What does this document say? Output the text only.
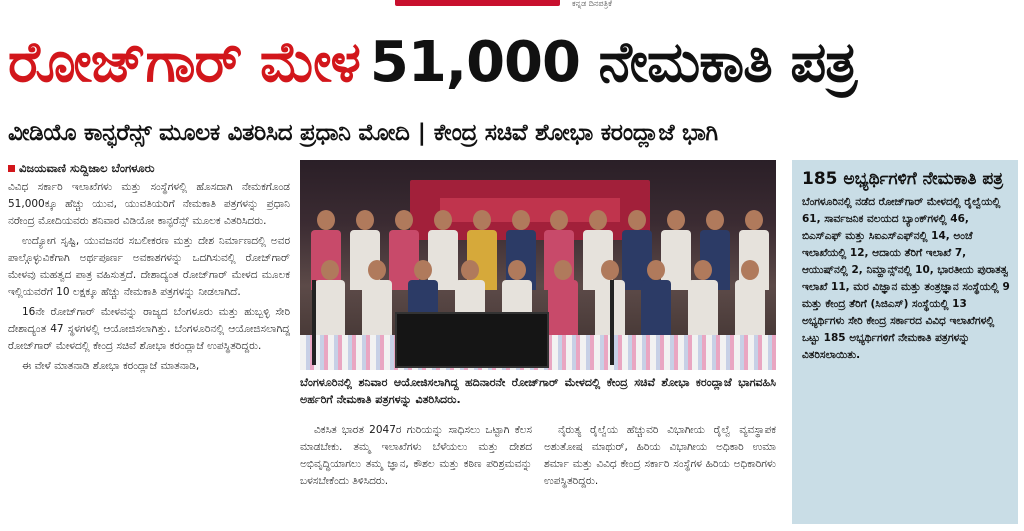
ಕನ್ನಡ ದಿನಪತ್ರಿಕೆ
ರೋಜ್‌ಗಾರ್ ಮೇಳ 51,000 ನೇಮಕಾತಿ ಪತ್ರ
ವೀಡಿಯೊ ಕಾನ್ಫರೆನ್ಸ್ ಮೂಲಕ ವಿತರಿಸಿದ ಪ್ರಧಾನಿ ಮೋದಿ | ಕೇಂದ್ರ ಸಚಿವೆ ಶೋಭಾ ಕರಂದ್ಲಾಜೆ ಭಾಗಿ
ವಿಜಯವಾಣಿ ಸುದ್ದಿಜಾಲ ಬೆಂಗಳೂರು

ವಿವಿಧ ಸರ್ಕಾರಿ ಇಲಾಖೆಗಳು ಮತ್ತು ಸಂಸ್ಥೆಗಳಲ್ಲಿ ಹೊಸದಾಗಿ ನೇಮಕಗೊಂಡ 51,000ಕ್ಕೂ ಹೆಚ್ಚು ಯುವ, ಯುವತಿಯರಿಗೆ ನೇಮಕಾತಿ ಪತ್ರಗಳನ್ನು ಪ್ರಧಾನಿ ನರೇಂದ್ರ ಮೋದಿಯವರು ಶನಿವಾರ ವಿಡಿಯೋ ಕಾನ್ಫರೆನ್ಸ್ ಮೂಲಕ ವಿತರಿಸಿದರು.

ಉದ್ಯೋಗ ಸೃಷ್ಟಿ, ಯುವಜನರ ಸಬಲೀಕರಣ ಮತ್ತು ದೇಶ ನಿರ್ಮಾಣದಲ್ಲಿ ಅವರ ಪಾಲ್ಗೊಳ್ಳುವಿಕೆಗಾಗಿ ಅರ್ಥಪೂರ್ಣ ಅವಕಾಶಗಳನ್ನು ಒದಗಿಸುವಲ್ಲಿ ರೋಜ್‌ಗಾರ್ ಮೇಳವು ಮಹತ್ವದ ಪಾತ್ರ ವಹಿಸುತ್ತದೆ. ದೇಶಾದ್ಯಂತ ರೋಜ್‌ಗಾರ್ ಮೇಳದ ಮೂಲಕ ಇಲ್ಲಿಯವರೆಗೆ 10 ಲಕ್ಷಕ್ಕೂ ಹೆಚ್ಚು ನೇಮಕಾತಿ ಪತ್ರಗಳನ್ನು ನೀಡಲಾಗಿದೆ.

16ನೇ ರೋಜ್‌ಗಾರ್ ಮೇಳವನ್ನು ರಾಜ್ಯದ ಬೆಂಗಳೂರು ಮತ್ತು ಹುಬ್ಬಳ್ಳಿ ಸೇರಿ ದೇಶಾದ್ಯಂತ 47 ಸ್ಥಳಗಳಲ್ಲಿ ಆಯೋಜಿಸಲಾಗಿತ್ತು. ಬೆಂಗಳೂರಿನಲ್ಲಿ ಆಯೋಜಿಸಲಾಗಿದ್ದ ರೋಜ್‌ಗಾರ್ ಮೇಳದಲ್ಲಿ ಕೇಂದ್ರ ಸಚಿವೆ ಶೋಭಾ ಕರಂದ್ಲಾಜೆ ಉಪಸ್ಥಿತರಿದ್ದರು.

ಈ ವೇಳೆ ಮಾತನಾಡಿ ಶೋಭಾ ಕರಂದ್ಲಾಜೆ ಮಾತನಾಡಿ,

ಬೆಂಗಳೂರಿನಲ್ಲಿ ಶನಿವಾರ ಆಯೋಜಿಸಲಾಗಿದ್ದ ಹದಿನಾರನೇ ರೋಜ್‌ಗಾರ್ ಮೇಳದಲ್ಲಿ ಕೇಂದ್ರ ಸಚಿವೆ ಶೋಭಾ ಕರಂದ್ಲಾಜೆ ಭಾಗವಹಿಸಿ ಅರ್ಹರಿಗೆ ನೇಮಕಾತಿ ಪತ್ರಗಳನ್ನು ವಿತರಿಸಿದರು.

ವಿಕಸಿತ ಭಾರತ 2047ರ ಗುರಿಯನ್ನು ಸಾಧಿಸಲು ಒಟ್ಟಾಗಿ ಕೆಲಸ ಮಾಡಬೇಕು. ತಮ್ಮ ಇಲಾಖೆಗಳು ಬೆಳೆಯಲು ಮತ್ತು ದೇಶದ ಅಭಿವೃದ್ಧಿಯಾಗಲು ತಮ್ಮ ಜ್ಞಾನ, ಕೌಶಲ ಮತ್ತು ಕಠಿಣ ಪರಿಶ್ರಮವನ್ನು ಬಳಸಬೇಕೆಂದು ತಿಳಿಸಿದರು.

ನೈರುತ್ಯ ರೈಲ್ವೆಯ ಹೆಚ್ಚುವರಿ ವಿಭಾಗೀಯ ರೈಲ್ವೆ ವ್ಯವಸ್ಥಾಪಕ ಅಶುತೋಷ ಮಾಥುರ್, ಹಿರಿಯ ವಿಭಾಗೀಯ ಅಧಿಕಾರಿ ಉಮಾ ಶರ್ಮಾ ಮತ್ತು ವಿವಿಧ ಕೇಂದ್ರ ಸರ್ಕಾರಿ ಸಂಸ್ಥೆಗಳ ಹಿರಿಯ ಅಧಿಕಾರಿಗಳು ಉಪಸ್ಥಿತರಿದ್ದರು.

185 ಅಭ್ಯರ್ಥಿಗಳಿಗೆ ನೇಮಕಾತಿ ಪತ್ರ
ಬೆಂಗಳೂರಿನಲ್ಲಿ ನಡೆದ ರೋಜ್‌ಗಾರ್ ಮೇಳದಲ್ಲಿ ರೈಲ್ವೆಯಲ್ಲಿ 61, ಸಾರ್ವಜನಿಕ ವಲಯದ ಬ್ಯಾಂಕ್‌ಗಳಲ್ಲಿ 46, ಬಿಎಸ್‌ಎಫ್ ಮತ್ತು ಸಿಐಎಸ್‌ಎಫ್‌ನಲ್ಲಿ 14, ಅಂಚೆ ಇಲಾಖೆಯಲ್ಲಿ 12, ಆದಾಯ ತೆರಿಗೆ ಇಲಾಖೆ 7, ಆಯುಷ್‌ನಲ್ಲಿ 2, ನಿಮ್ಹಾನ್ಸ್‌ನಲ್ಲಿ 10, ಭಾರತೀಯ ಪುರಾತತ್ವ ಇಲಾಖೆ 11, ಮರ ವಿಜ್ಞಾನ ಮತ್ತು ತಂತ್ರಜ್ಞಾನ ಸಂಸ್ಥೆಯಲ್ಲಿ 9 ಮತ್ತು ಕೇಂದ್ರ ತೆರಿಗೆ (ಸಿಜಿಎಸ್) ಸಂಸ್ಥೆಯಲ್ಲಿ 13 ಅಭ್ಯರ್ಥಿಗಳು ಸೇರಿ ಕೇಂದ್ರ ಸರ್ಕಾರದ ವಿವಿಧ ಇಲಾಖೆಗಳಲ್ಲಿ ಒಟ್ಟು 185 ಅಭ್ಯರ್ಥಿಗಳಿಗೆ ನೇಮಕಾತಿ ಪತ್ರಗಳನ್ನು ವಿತರಿಸಲಾಯಿತು.
